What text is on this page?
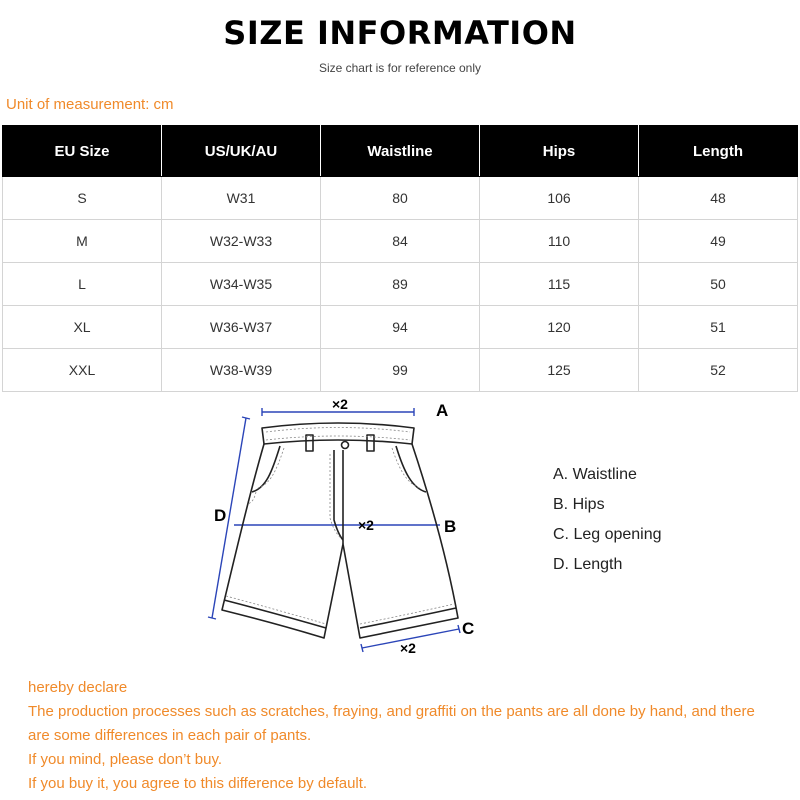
SIZE INFORMATION
Size chart is for reference only
Unit of measurement: cm
EU Size	US/UK/AU	Waistline	Hips	Length
S	W31	80	106	48
M	W32-W33	84	110	49
L	W34-W35	89	115	50
XL	W36-W37	94	120	51
XXL	W38-W39	99	125	52
A
×2
B
×2
C
×2
D
A. Waistline
B. Hips
C. Leg opening
D. Length
hereby declare
The production processes such as scratches, fraying, and graffiti on the pants are all done by hand, and there
are some differences in each pair of pants.
If you mind, please don’t buy.
If you buy it, you agree to this difference by default.
